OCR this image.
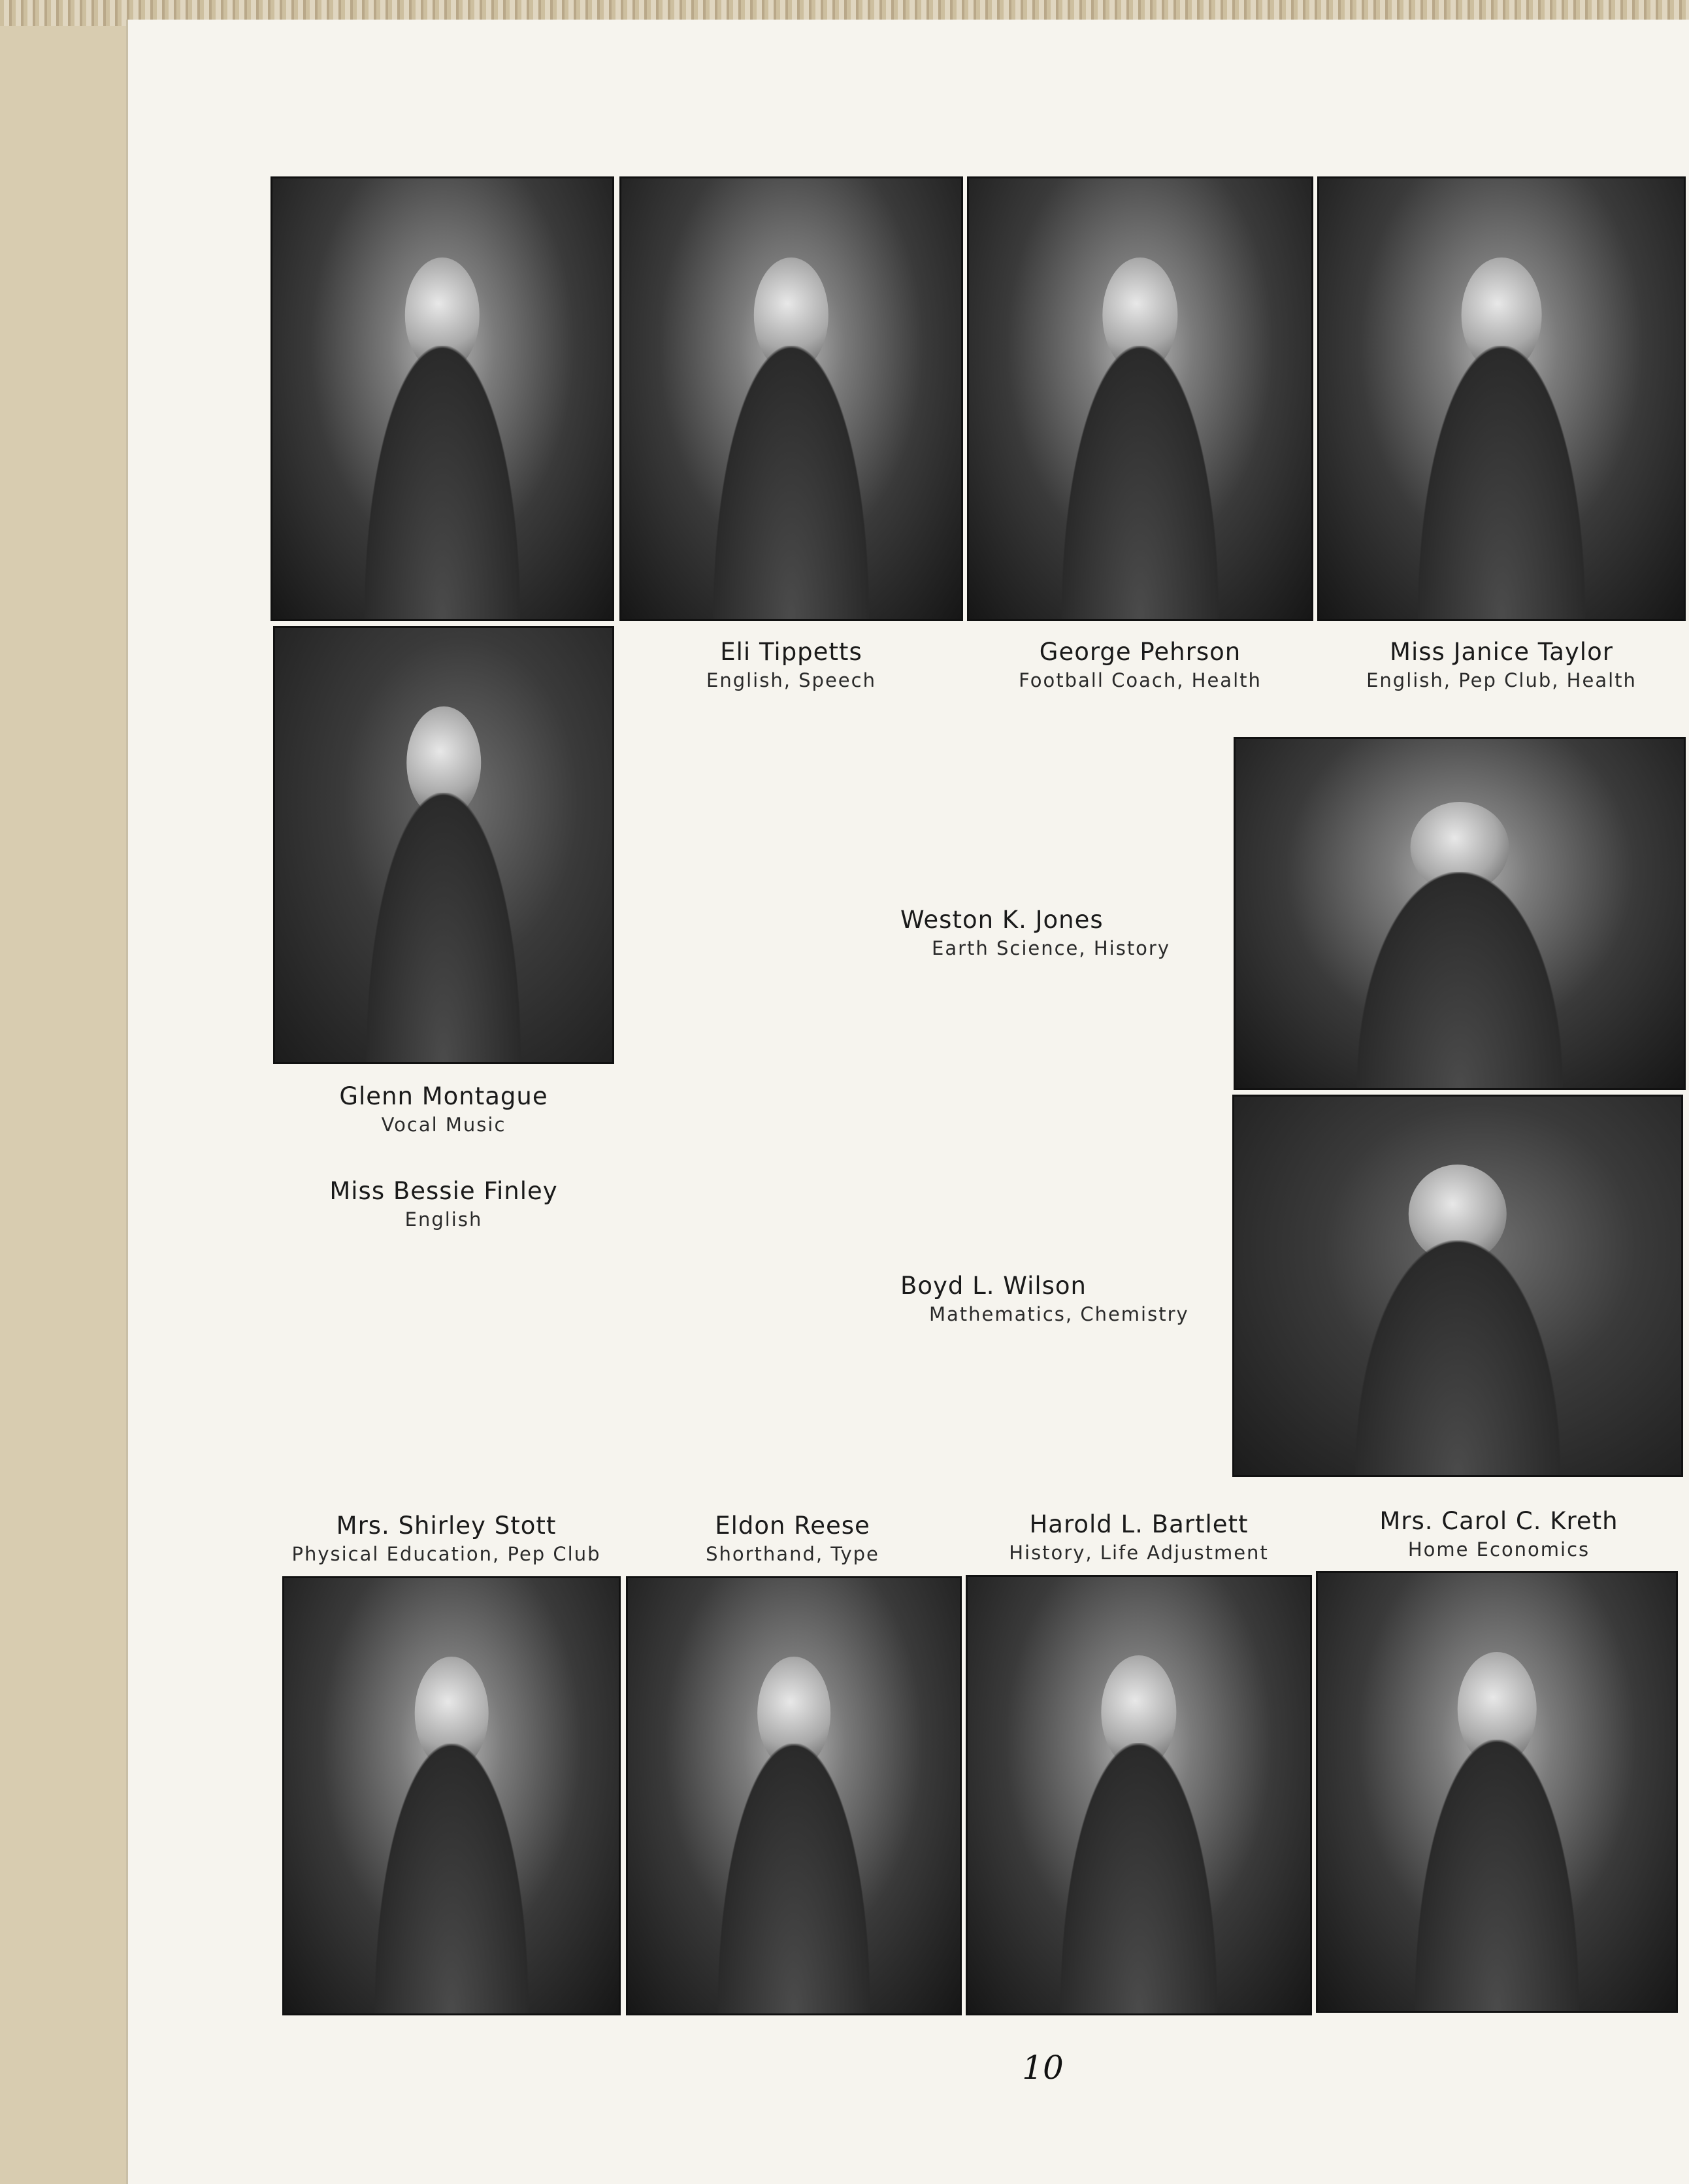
Eli Tippetts
English, Speech
George Pehrson
Football Coach, Health
Miss Janice Taylor
English, Pep Club, Health
Glenn Montague
Vocal Music
Miss Bessie Finley
English
Weston K. Jones
Earth Science, History
Boyd L. Wilson
Mathematics, Chemistry
Mrs. Shirley Stott
Physical Education, Pep Club
Eldon Reese
Shorthand, Type
Harold L. Bartlett
History, Life Adjustment
Mrs. Carol C. Kreth
Home Economics
10
